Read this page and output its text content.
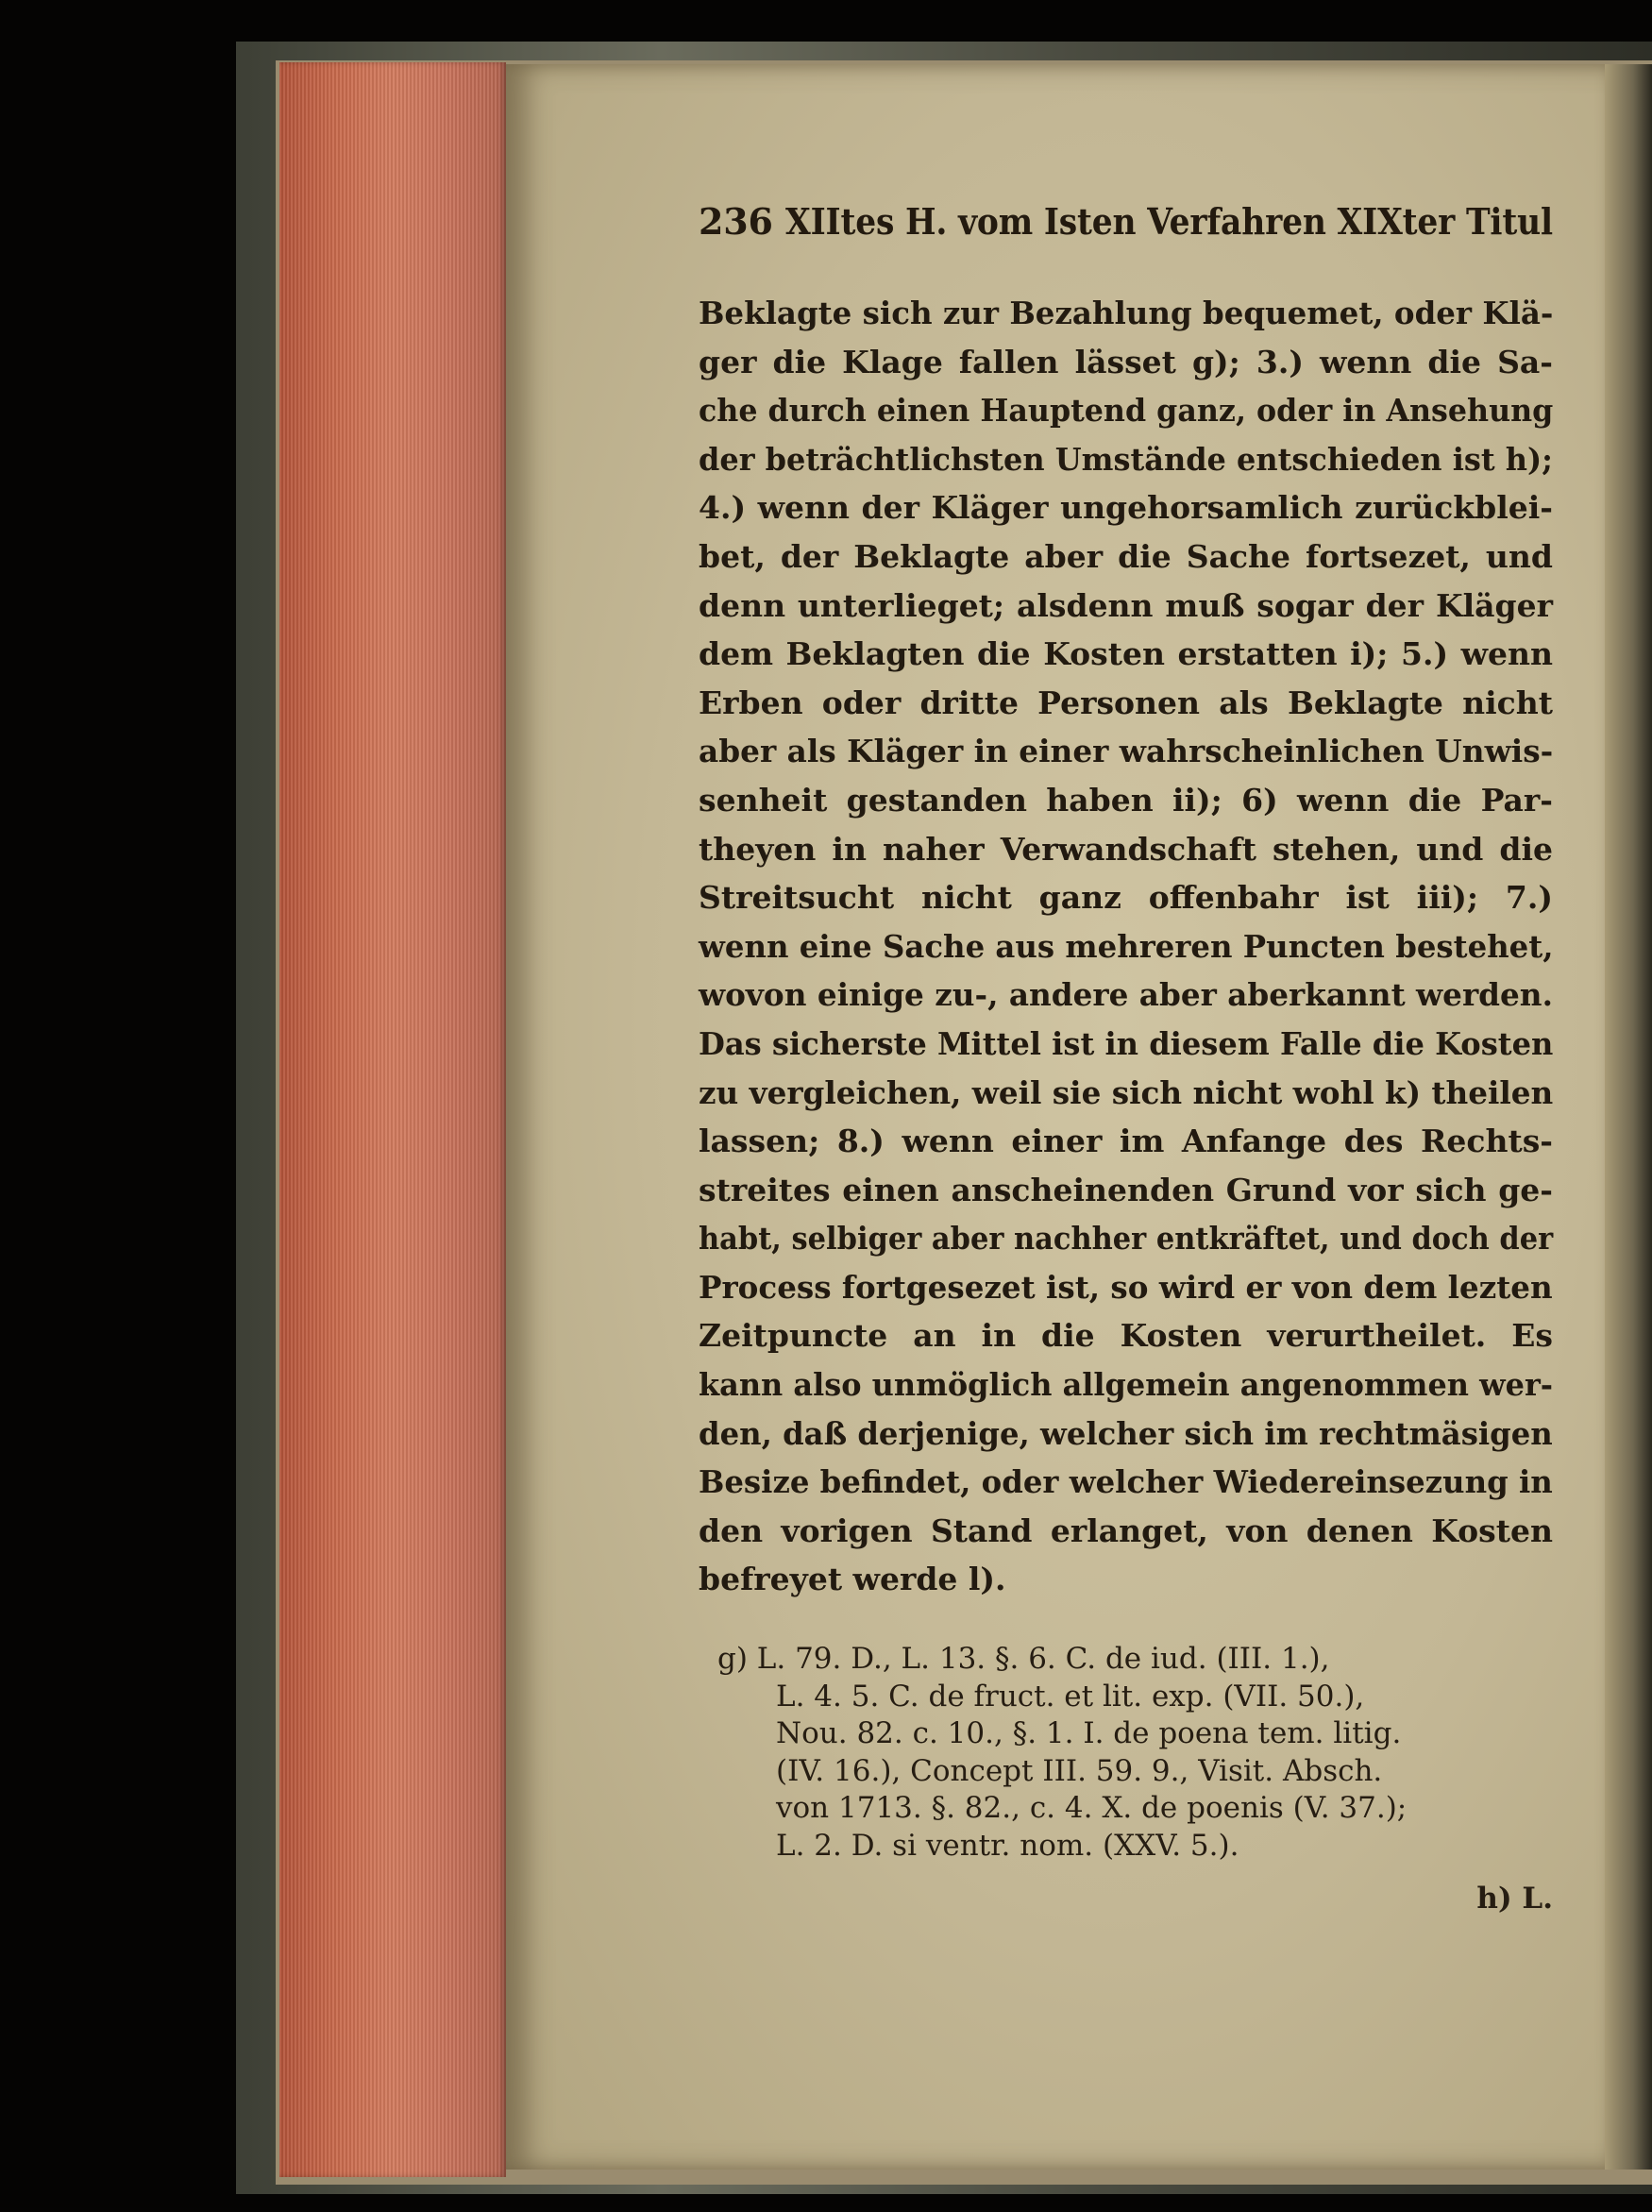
236 XIItes H. vom Isten Verfahren XIXter Titul
Beklagte sich zur Bezahlung bequemet, oder Klä-
ger die Klage fallen lässet g); 3.) wenn die Sa-
che durch einen Hauptend ganz, oder in Ansehung
der beträchtlichsten Umstände entschieden ist h);
4.) wenn der Kläger ungehorsamlich zurückblei-
bet, der Beklagte aber die Sache fortsezet, und
denn unterlieget; alsdenn muß sogar der Kläger
dem Beklagten die Kosten erstatten i); 5.) wenn
Erben oder dritte Personen als Beklagte nicht
aber als Kläger in einer wahrscheinlichen Unwis-
senheit gestanden haben ii); 6) wenn die Par-
theyen in naher Verwandschaft stehen, und die
Streitsucht nicht ganz offenbahr ist iii); 7.)
wenn eine Sache aus mehreren Puncten bestehet,
wovon einige zu-, andere aber aberkannt werden.
Das sicherste Mittel ist in diesem Falle die Kosten
zu vergleichen, weil sie sich nicht wohl k) theilen
lassen; 8.) wenn einer im Anfange des Rechts-
streites einen anscheinenden Grund vor sich ge-
habt, selbiger aber nachher entkräftet, und doch der
Process fortgesezet ist, so wird er von dem lezten
Zeitpuncte an in die Kosten verurtheilet. Es
kann also unmöglich allgemein angenommen wer-
den, daß derjenige, welcher sich im rechtmäsigen
Besize befindet, oder welcher Wiedereinsezung in
den vorigen Stand erlanget, von denen Kosten
befreyet werde l).
g) L. 79. D., L. 13. §. 6. C. de iud. (III. 1.),
L. 4. 5. C. de fruct. et lit. exp. (VII. 50.),
Nou. 82. c. 10., §. 1. I. de poena tem. litig.
(IV. 16.), Concept III. 59. 9., Visit. Absch.
von 1713. §. 82., c. 4. X. de poenis (V. 37.);
L. 2. D. si ventr. nom. (XXV. 5.).
h) L.
